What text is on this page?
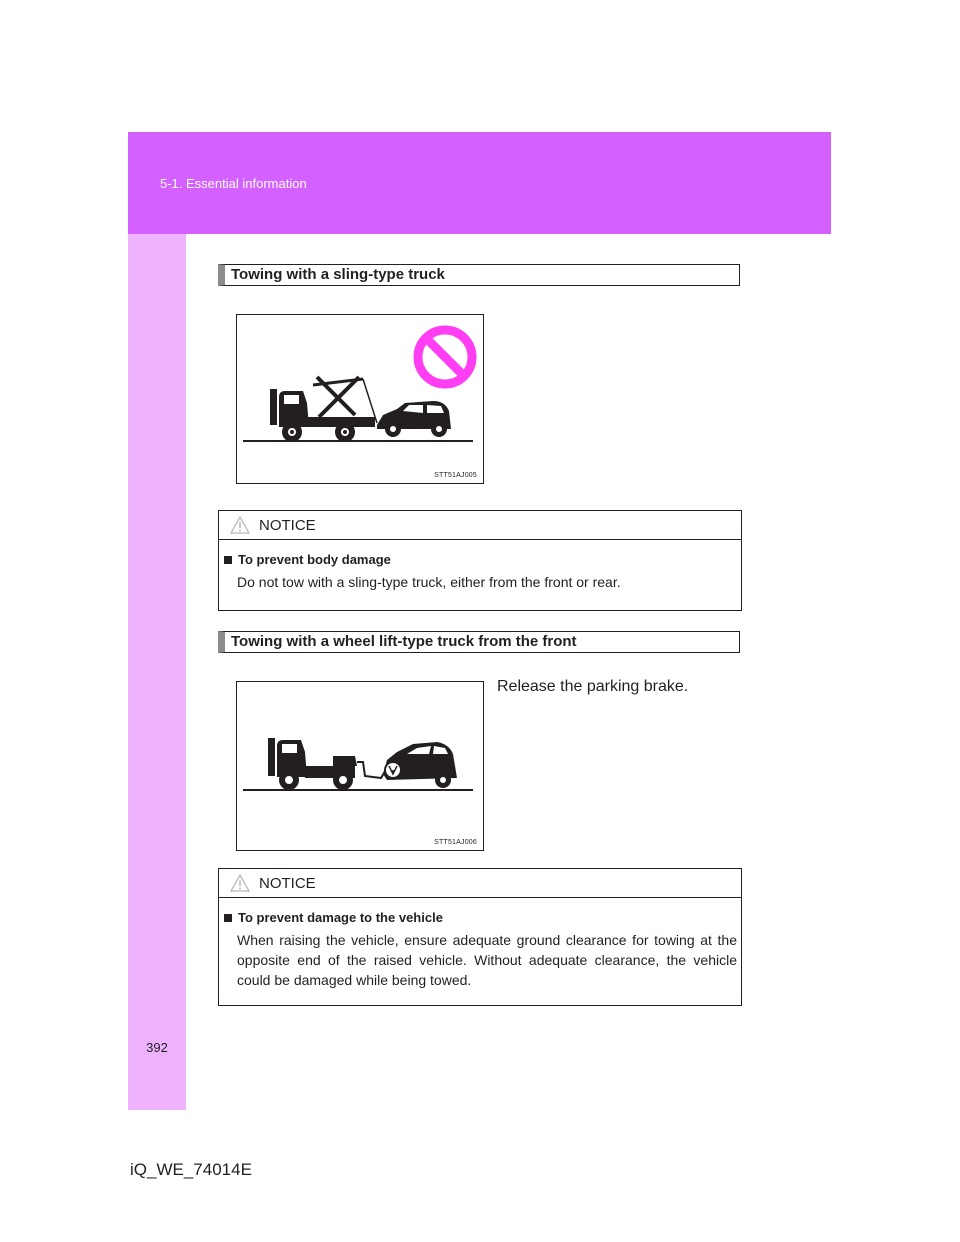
5-1. Essential information
392
iQ_WE_74014E
Towing with a sling-type truck
STT51AJ005
NOTICE
To prevent body damage
Do not tow with a sling-type truck, either from the front or rear.
Towing with a wheel lift-type truck from the front
Release the parking brake.
STT51AJ006
NOTICE
To prevent damage to the vehicle
When raising the vehicle, ensure adequate ground clearance for towing at the opposite end of the raised vehicle. Without adequate clearance, the vehicle could be damaged while being towed.
